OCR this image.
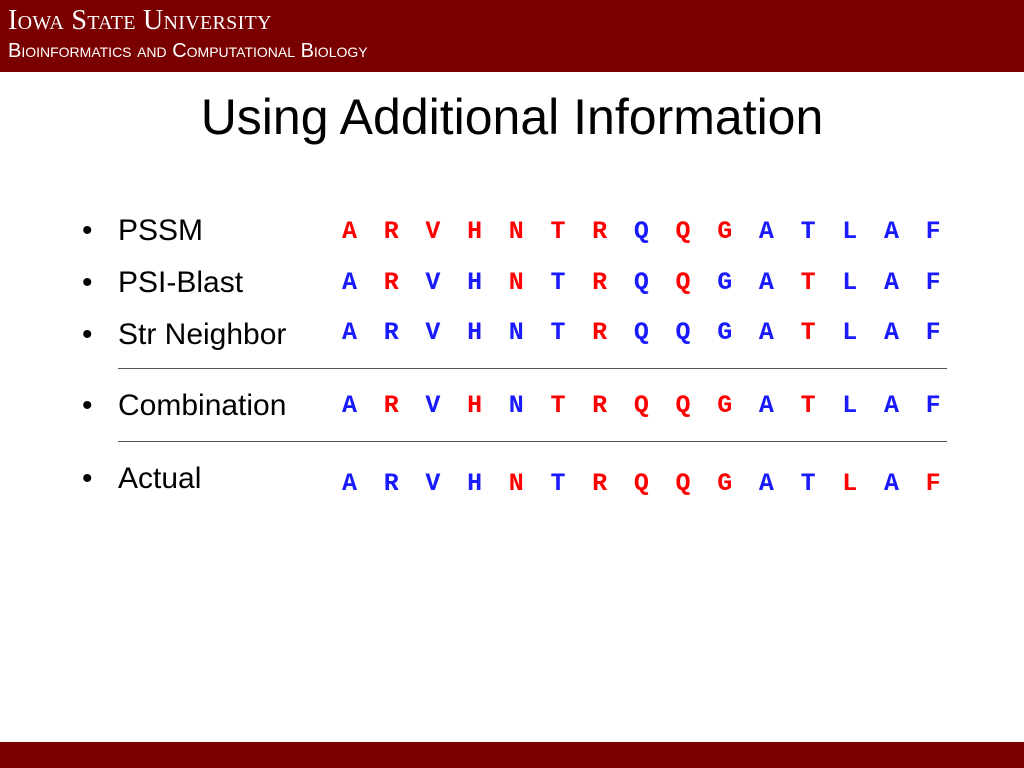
Iowa State University
Bioinformatics and Computational Biology
Using Additional Information
• PSSM
• PSI-Blast
• Str Neighbor
• Combination
• Actual
A R V H N T R Q Q G A T L A F
A R V H N T R Q Q G A T L A F
A R V H N T R Q Q G A T L A F
A R V H N T R Q Q G A T L A F
A R V H N T R Q Q G A T L A F
